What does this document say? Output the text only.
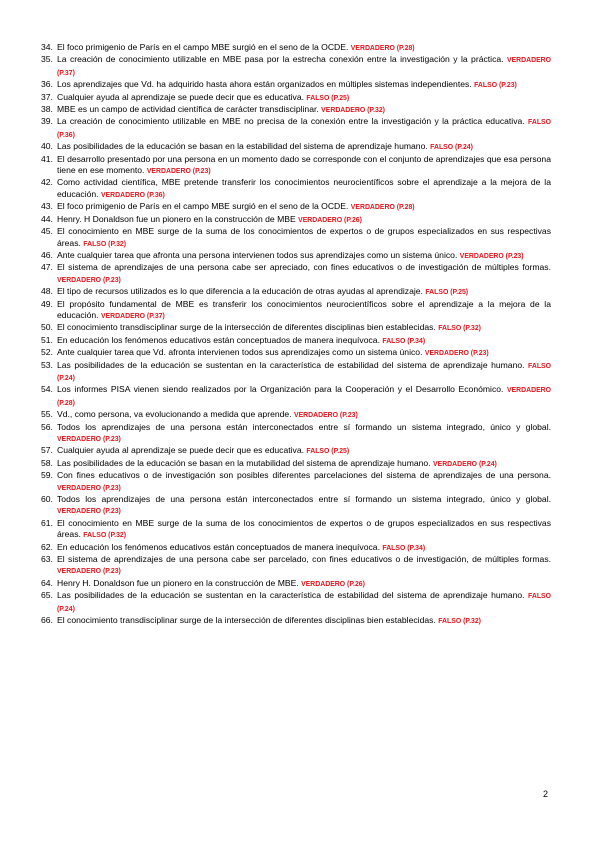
34. El foco primigenio de París en el campo MBE surgió en el seno de la OCDE. VERDADERO (P.28)
35. La creación de conocimiento utilizable en MBE pasa por la estrecha conexión entre la investigación y la práctica. VERDADERO (P.37)
36. Los aprendizajes que Vd. ha adquirido hasta ahora están organizados en múltiples sistemas independientes. FALSO (P.23)
37. Cualquier ayuda al aprendizaje se puede decir que es educativa. FALSO (P.25)
38. MBE es un campo de actividad científica de carácter transdisciplinar. VERDADERO (P.32)
39. La creación de conocimiento utilizable en MBE no precisa de la conexión entre la investigación y la práctica educativa. FALSO (P.36)
40. Las posibilidades de la educación se basan en la estabilidad del sistema de aprendizaje humano. FALSO (P.24)
41. El desarrollo presentado por una persona en un momento dado se corresponde con el conjunto de aprendizajes que esa persona tiene en ese momento. VERDADERO (P.23)
42. Como actividad científica, MBE pretende transferir los conocimientos neurocientíficos sobre el aprendizaje a la mejora de la educación. VERDADERO (P.36)
43. El foco primigenio de París en el campo MBE surgió en el seno de la OCDE. VERDADERO (P.28)
44. Henry. H Donaldson fue un pionero en la construcción de MBE VERDADERO (P.26)
45. El conocimiento en MBE surge de la suma de los conocimientos de expertos o de grupos especializados en sus respectivas áreas. FALSO (P.32)
46. Ante cualquier tarea que afronta una persona intervienen todos sus aprendizajes como un sistema único. VERDADERO (P.23)
47. El sistema de aprendizajes de una persona cabe ser apreciado, con fines educativos o de investigación de múltiples formas. VERDADERO (P.23)
48. El tipo de recursos utilizados es lo que diferencia a la educación de otras ayudas al aprendizaje. FALSO (P.25)
49. El propósito fundamental de MBE es transferir los conocimientos neurocientíficos sobre el aprendizaje a la mejora de la educación. VERDADERO (P.37)
50. El conocimiento transdisciplinar surge de la intersección de diferentes disciplinas bien establecidas. FALSO (P.32)
51. En educación los fenómenos educativos están conceptuados de manera inequívoca. FALSO (P.34)
52. Ante cualquier tarea que Vd. afronta intervienen todos sus aprendizajes como un sistema único. VERDADERO (P.23)
53. Las posibilidades de la educación se sustentan en la característica de estabilidad del sistema de aprendizaje humano. FALSO (P.24)
54. Los informes PISA vienen siendo realizados por la Organización para la Cooperación y el Desarrollo Económico. VERDADERO (P.28)
55. Vd., como persona, va evolucionando a medida que aprende. VERDADERO (P.23)
56. Todos los aprendizajes de una persona están interconectados entre sí formando un sistema integrado, único y global. VERDADERO (P.23)
57. Cualquier ayuda al aprendizaje se puede decir que es educativa. FALSO (P.25)
58. Las posibilidades de la educación se basan en la mutabilidad del sistema de aprendizaje humano. VERDADERO (P.24)
59. Con fines educativos o de investigación son posibles diferentes parcelaciones del sistema de aprendizajes de una persona. VERDADERO (P.23)
60. Todos los aprendizajes de una persona están interconectados entre sí formando un sistema integrado, único y global. VERDADERO (P.23)
61. El conocimiento en MBE surge de la suma de los conocimientos de expertos o de grupos especializados en sus respectivas áreas. FALSO (P.32)
62. En educación los fenómenos educativos están conceptuados de manera inequívoca. FALSO (P.34)
63. El sistema de aprendizajes de una persona cabe ser parcelado, con fines educativos o de investigación, de múltiples formas. VERDADERO (P.23)
64. Henry H. Donaldson fue un pionero en la construcción de MBE. VERDADERO (P.26)
65. Las posibilidades de la educación se sustentan en la característica de estabilidad del sistema de aprendizaje humano. FALSO (P.24)
66. El conocimiento transdisciplinar surge de la intersección de diferentes disciplinas bien establecidas. FALSO (P.32)
2
